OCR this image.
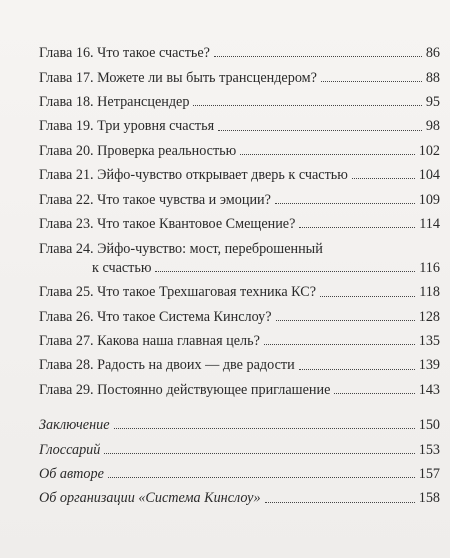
Глава 16. Что такое счастье?	86
Глава 17. Можете ли вы быть трансцендером?	88
Глава 18. Нетрансцендер	95
Глава 19. Три уровня счастья	98
Глава 20. Проверка реальностью	102
Глава 21. Эйфо-чувство открывает дверь к счастью	104
Глава 22. Что такое чувства и эмоции?	109
Глава 23. Что такое Квантовое Смещение?	114
Глава 24. Эйфо-чувство: мост, переброшенный
к счастью	116
Глава 25. Что такое Трехшаговая техника КС?	118
Глава 26. Что такое Система Кинслоу?	128
Глава 27. Какова наша главная цель?	135
Глава 28. Радость на двоих — две радости	139
Глава 29. Постоянно действующее приглашение	143
Заключение	150
Глоссарий	153
Об авторе	157
Об организации «Система Кинслоу»	158
